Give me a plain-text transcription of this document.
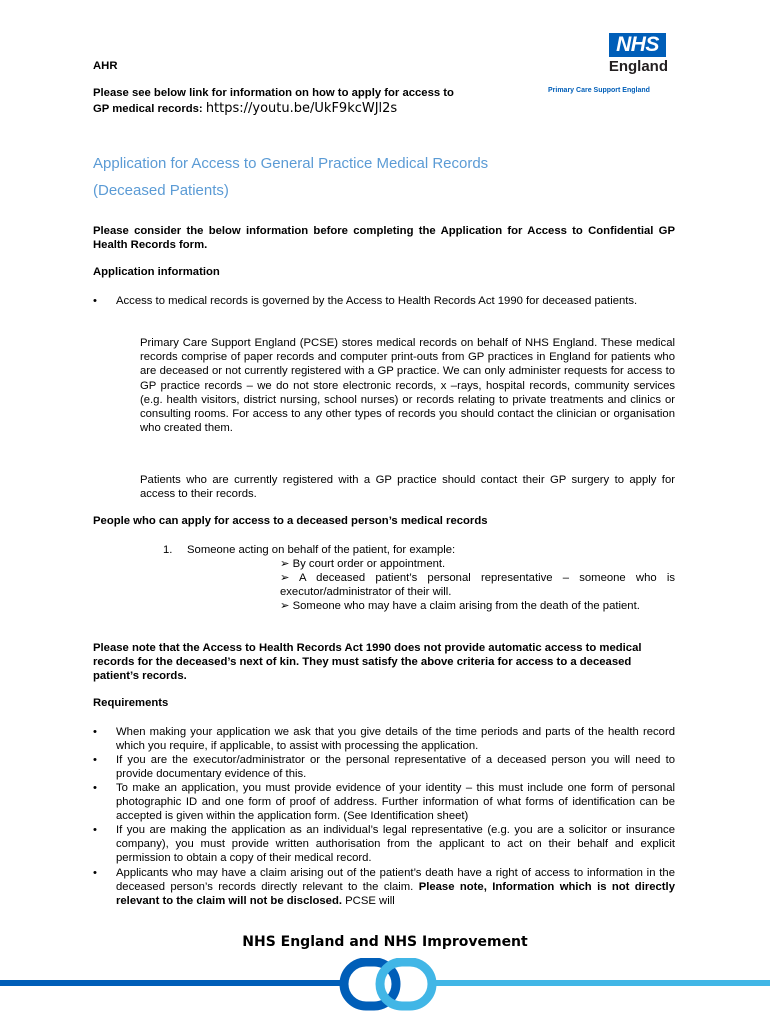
NHS
England
Primary Care Support England
AHR
Please see below link for information on how to apply for access to
GP medical records: https://youtu.be/UkF9kcWJl2s
Application for Access to General Practice Medical Records
(Deceased Patients)
Please consider the below information before completing the Application for Access to Confidential GP Health Records form.
Application information
• Access to medical records is governed by the Access to Health Records Act 1990 for deceased patients.
Primary Care Support England (PCSE) stores medical records on behalf of NHS England. These medical records comprise of paper records and computer print-outs from GP practices in England for patients who are deceased or not currently registered with a GP practice. We can only administer requests for access to GP practice records – we do not store electronic records, x –rays, hospital records, community services (e.g. health visitors, district nursing, school nurses) or records relating to private treatments and clinics or consulting rooms. For access to any other types of records you should contact the clinician or organisation who created them.
Patients who are currently registered with a GP practice should contact their GP surgery to apply for access to their records.
People who can apply for access to a deceased person’s medical records
1. Someone acting on behalf of the patient, for example:
➢ By court order or appointment.
➢ A deceased patient’s personal representative – someone who is executor/administrator of their will.
➢ Someone who may have a claim arising from the death of the patient.
Please note that the Access to Health Records Act 1990 does not provide automatic access to medical records for the deceased’s next of kin. They must satisfy the above criteria for access to a deceased patient’s records.
Requirements
• When making your application we ask that you give details of the time periods and parts of the health record which you require, if applicable, to assist with processing the application.
• If you are the executor/administrator or the personal representative of a deceased person you will need to provide documentary evidence of this.
• To make an application, you must provide evidence of your identity – this must include one form of personal photographic ID and one form of proof of address. Further information of what forms of identification can be accepted is given within the application form. (See Identification sheet)
• If you are making the application as an individual’s legal representative (e.g. you are a solicitor or insurance company), you must provide written authorisation from the applicant to act on their behalf and explicit permission to obtain a copy of their medical record.
• Applicants who may have a claim arising out of the patient’s death have a right of access to information in the deceased person’s records directly relevant to the claim. Please note, Information which is not directly relevant to the claim will not be disclosed. PCSE will
NHS England and NHS Improvement
